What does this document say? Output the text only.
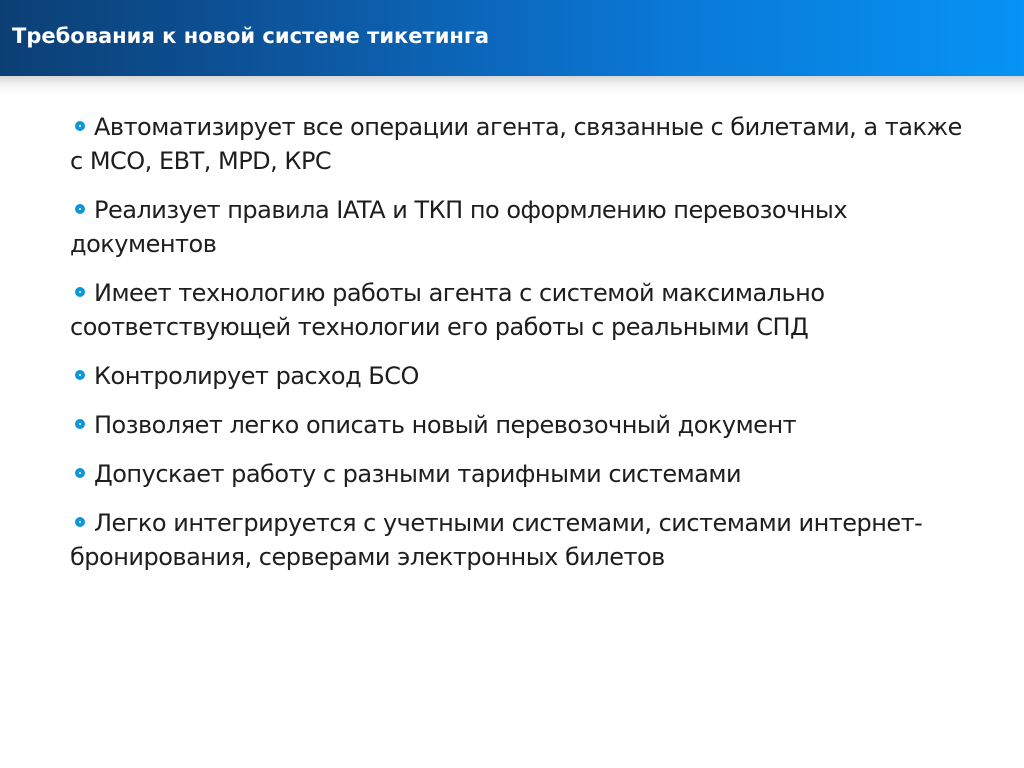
Требования к новой системе тикетинга
Автоматизирует все операции агента, связанные с билетами, а также с МСО, EBT, MPD, КРС
Реализует правила IATA и ТКП по оформлению перевозочных документов
Имеет технологию работы агента с системой максимально соответствующей технологии его работы с реальными СПД
Контролирует расход БСО
Позволяет легко описать новый перевозочный документ
Допускает работу с разными тарифными системами
Легко интегрируется с учетными системами, системами интернет-бронирования, серверами электронных билетов
